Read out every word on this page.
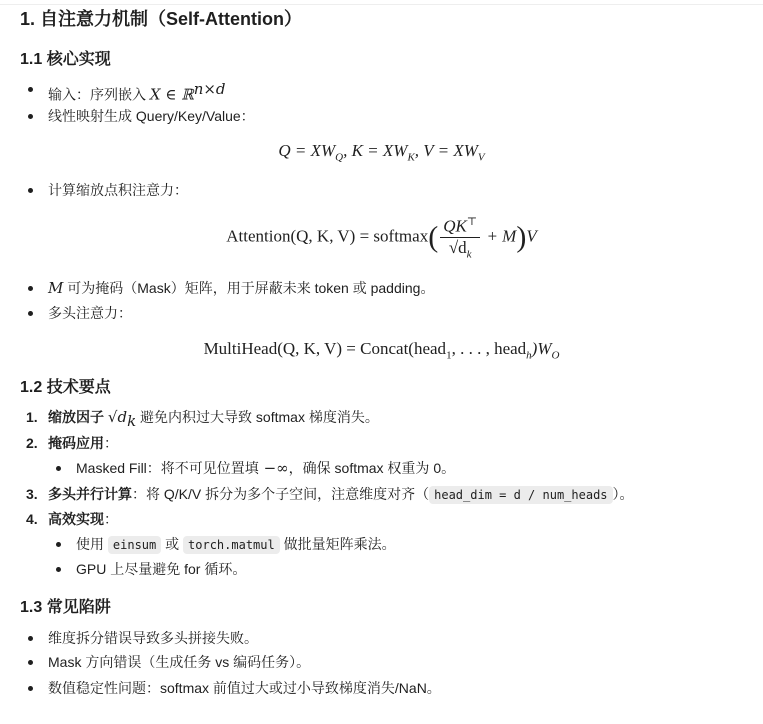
1. 自注意力机制（Self-Attention）
1.1 核心实现
输入：序列嵌入 X ∈ ℝ$^{n\times d}$
线性映射生成 Query/Key/Value：
$Q = XW_Q$, $K = XW_K$, $V = XW_V$
计算缩放点积注意力：
Attention(Q, K, V) = softmax( $\frac{QK^⊤}{√d_k} + M)V$
M 可为掩码（Mask）矩阵，用于屏蔽未来 token 或 padding。
多头注意力：
MultiHead(Q, K, V) = Concat(head$_1$, . . . , $head_h)W_O$
1.2 技术要点
1. 缩放因子 $√d_k$ 避免内积过大导致 softmax 梯度消失。
2. 掩码应用：
Masked Fill：将不可见位置填 −∞，确保 softmax 权重为 0。
3. 多头并行计算：将 Q/K/V 拆分为多个子空间，注意维度对齐（ head_dim = d / num_heads ）。
4. 高效实现：
使用 einsum 或 torch.matmul 做批量矩阵乘法。
GPU 上尽量避免 for 循环。
1.3 常见陷阱
维度拆分错误导致多头拼接失败。
Mask 方向错误（生成任务 vs 编码任务）。
数值稳定性问题：softmax 前值过大或过小导致梯度消失/NaN。
